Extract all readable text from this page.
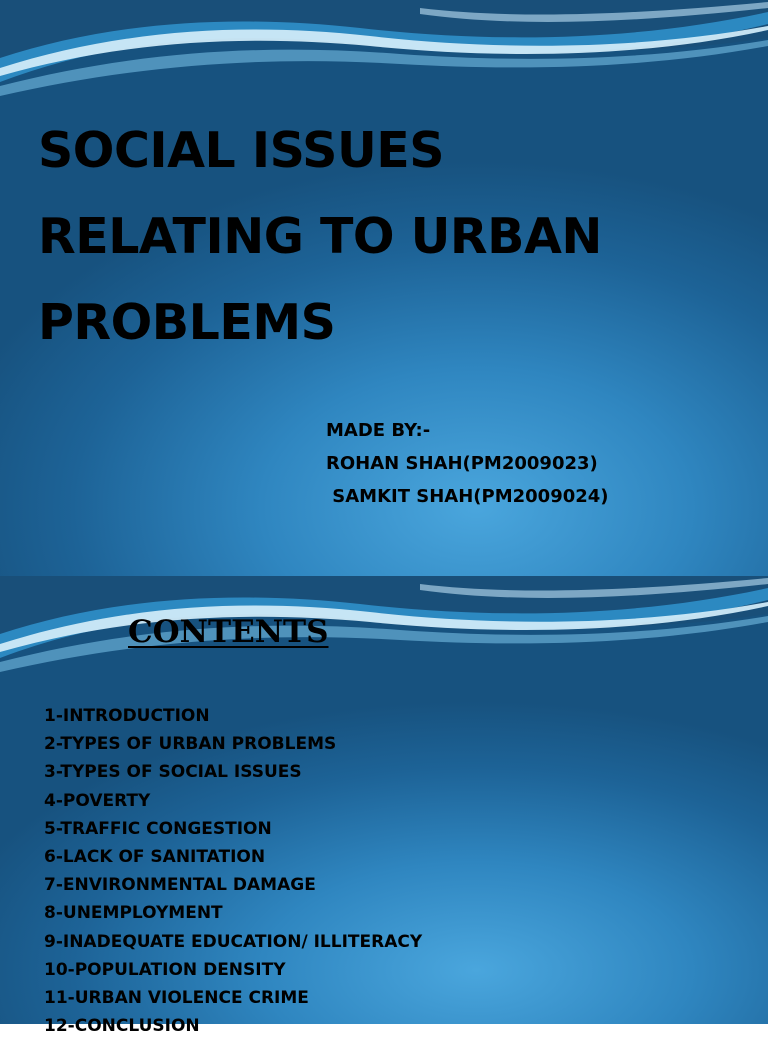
SOCIAL ISSUES
RELATING TO URBAN
PROBLEMS
MADE BY:-
ROHAN SHAH(PM2009023)
SAMKIT SHAH(PM2009024)
CONTENTS
1-INTRODUCTION
2-TYPES OF URBAN PROBLEMS
3-TYPES OF SOCIAL ISSUES
4-POVERTY
5-TRAFFIC CONGESTION
6-LACK OF SANITATION
7-ENVIRONMENTAL DAMAGE
8-UNEMPLOYMENT
9-INADEQUATE EDUCATION/ ILLITERACY
10-POPULATION DENSITY
11-URBAN VIOLENCE CRIME
12-CONCLUSION
